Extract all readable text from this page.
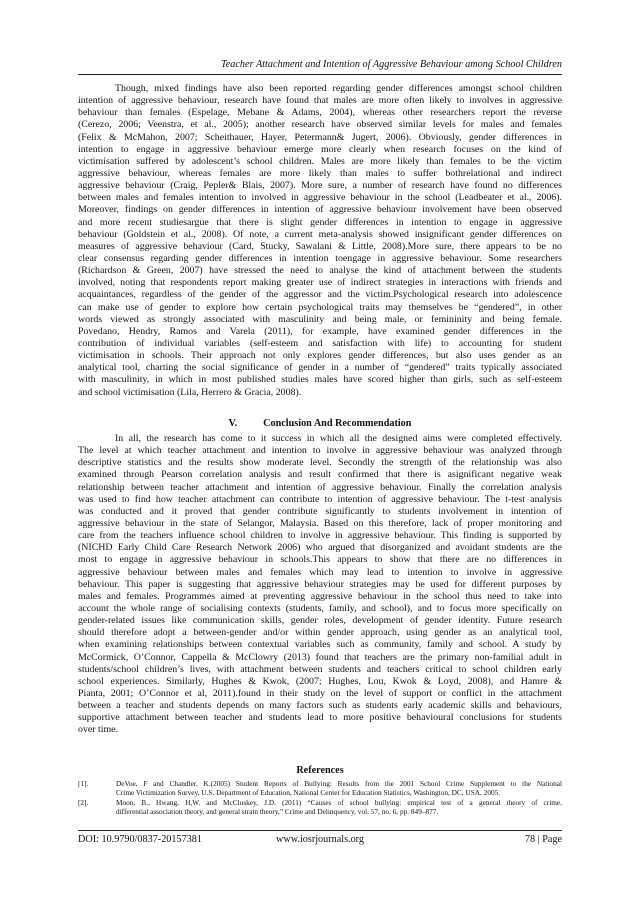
Teacher Attachment and Intention of Aggressive Behaviour among School Children
Though, mixed findings have also been reported regarding gender differences amongst school children
intention of aggressive behaviour, research have found that males are more often likely to involves in aggressive
behaviour than females (Espelage, Mebane & Adams, 2004), whereas other researchers report the reverse
(Cerezo, 2006; Veenstra, et al., 2005); another research have observed similar levels for males and females
(Felix & McMahon, 2007; Scheithauer, Hayer, Petermann& Jugert, 2006). Obviously, gender differences in
intention to engage in aggressive behaviour emerge more clearly when research focuses on the kind of
victimisation suffered by adolescent’s school children. Males are more likely than females to be the victim
aggressive behaviour, whereas females are more likely than males to suffer bothrelational and indirect
aggressive behaviour (Craig, Pepler& Blais, 2007). More sure, a number of research have found no differences
between males and females intention to involved in aggressive behaviour in the school (Leadbeater et al., 2006).
Moreover, findings on gender differences in intention of aggressive behaviour involvement have been observed
and more recent studiesargue that there is slight gender differences in intention to engage in aggressive
behaviour (Goldstein et al., 2008). Of note, a current meta-analysis showed insignificant gender differences on
measures of aggressive behaviour (Card, Stucky, Sawalani & Little, 2008).More sure, there appears to be no
clear consensus regarding gender differences in intention toengage in aggressive behaviour. Some researchers
(Richardson & Green, 2007) have stressed the need to analyse the kind of attachment between the students
involved, noting that respondents report making greater use of indirect strategies in interactions with friends and
acquaintances, regardless of the gender of the aggressor and the victim.Psychological research into adolescence
can make use of gender to explore how certain psychological traits may themselves be “gendered”, in other
words viewed as strongly associated with masculinity and being male, or femininity and being female.
Povedano, Hendry, Ramos and Varela (2011), for example, have examined gender differences in the
contribution of individual variables (self-esteem and satisfaction with life) to accounting for student
victimisation in schools. Their approach not only explores gender differences, but also uses gender as an
analytical tool, charting the social significance of gender in a number of “gendered” traits typically associated
with masculinity, in which in most published studies males have scored higher than girls, such as self-esteem
and school victimisation (Lila, Herrero & Gracia, 2008).
V.	Conclusion And Recommendation
In all, the research has come to it success in which all the designed aims were completed effectively.
The level at which teacher attachment and intention to involve in aggressive behaviour was analyzed through
descriptive statistics and the results show moderate level. Secondly the strength of the relationship was also
examined through Pearson correlation analysis and result confirmed that there is asignificant negative weak
relationship between teacher attachment and intention of aggressive behaviour. Finally the correlation analysis
was used to find how teacher attachment can contribute to intention of aggressive behaviour. The t-test analysis
was conducted and it proved that gender contribute significantly to students involvement in intention of
aggressive behaviour in the state of Selangor, Malaysia. Based on this therefore, lack of proper monitoring and
care from the teachers influence school children to involve in aggressive behaviour. This finding is supported by
(NICHD Early Child Care Research Network 2006) who argued that disorganized and avoidant students are the
most to engage in aggressive behaviour in schools.This appears to show that there are no differences in
aggressive behaviour between males and females which may lead to intention to involve in aggressive
behaviour. This paper is suggesting that aggressive behaviour strategies may be used for different purposes by
males and females. Programmes aimed at preventing aggressive behaviour in the school thus need to take into
account the whole range of socialising contexts (students, family, and school), and to focus more specifically on
gender-related issues like communication skills, gender roles, development of gender identity. Future research
should therefore adopt a between-gender and/or within gender approach, using gender as an analytical tool,
when examining relationships between contextual variables such as community, family and school. A study by
McCormick, O’Connor, Cappella & McClowry (2013) found that teachers are the primary non-familial adult in
students/school children’s lives, with attachment between students and teachers critical to school children early
school experiences. Similarly, Hughes & Kwok, (2007; Hughes, Lou, Kwok & Loyd, 2008), and Hamre &
Pianta, 2001; O’Connor et al, 2011).found in their study on the level of support or conflict in the attachment
between a teacher and students depends on many factors such as students early academic skills and behaviours,
supportive attachment between teacher and students lead to more positive behavioural conclusions for students
over time.
References
[1].	DeVoe, F and Chandler, K.(2005) Student Reports of Bullying: Results from the 2001 School Crime Supplement to the National
Crime Victimization Survey, U.S. Department of Education, National Center for Education Statistics, Washington, DC, USA, 2005.
[2].	Moon, B., Hwang, H,W. and McCluskey, J.D. (2011) “Causes of school bullying: empirical test of a general theory of crime,
differential association theory, and general strain theory,” Crime and Delinquency, vol. 57, no. 6, pp. 849–877.
DOI: 10.9790/0837-20157381	www.iosrjournals.org	78 | Page
